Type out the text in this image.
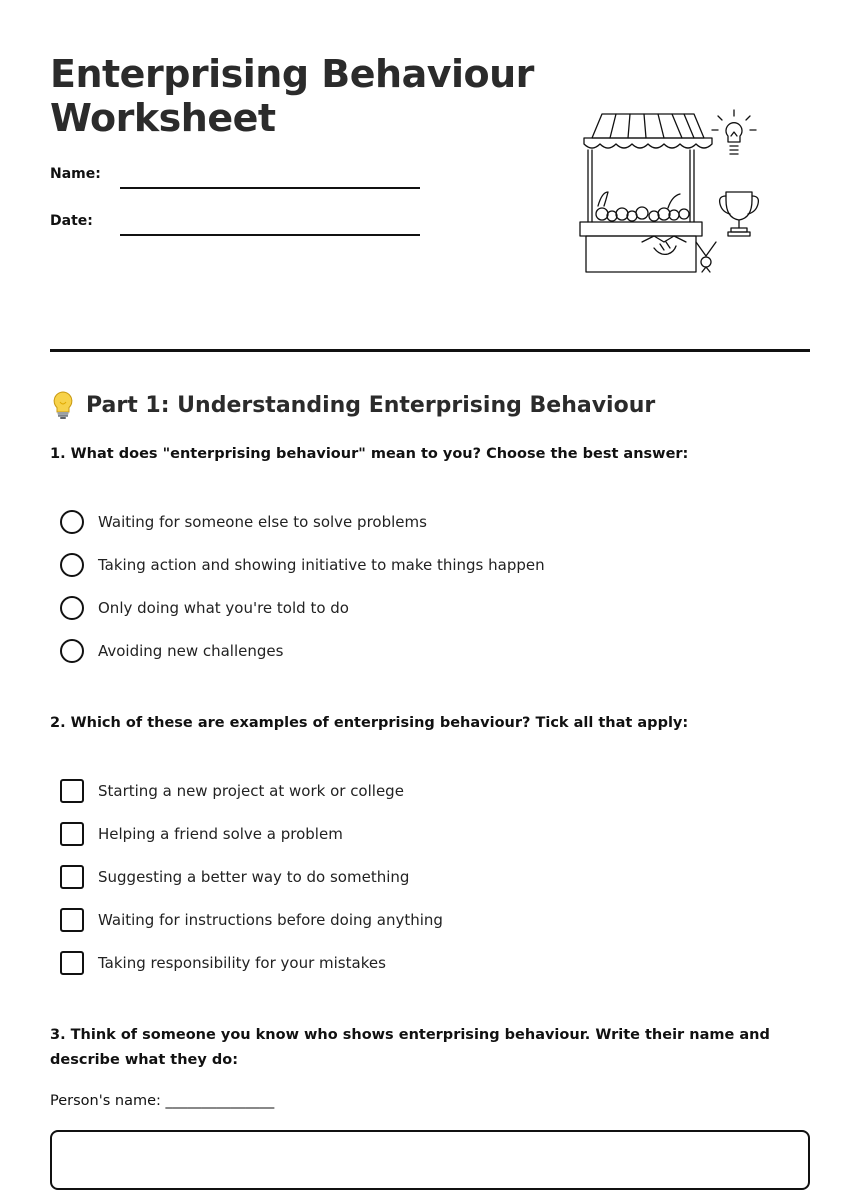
Enterprising Behaviour
Worksheet
Name:
Date:
Part 1: Understanding Enterprising Behaviour

1. What does "enterprising behaviour" mean to you? Choose the best answer:

Waiting for someone else to solve problems
Taking action and showing initiative to make things happen
Only doing what you're told to do
Avoiding new challenges

2. Which of these are examples of enterprising behaviour? Tick all that apply:

Starting a new project at work or college
Helping a friend solve a problem
Suggesting a better way to do something
Waiting for instructions before doing anything
Taking responsibility for your mistakes

3. Think of someone you know who shows enterprising behaviour. Write their name and describe what they do:

Person's name: _______________
